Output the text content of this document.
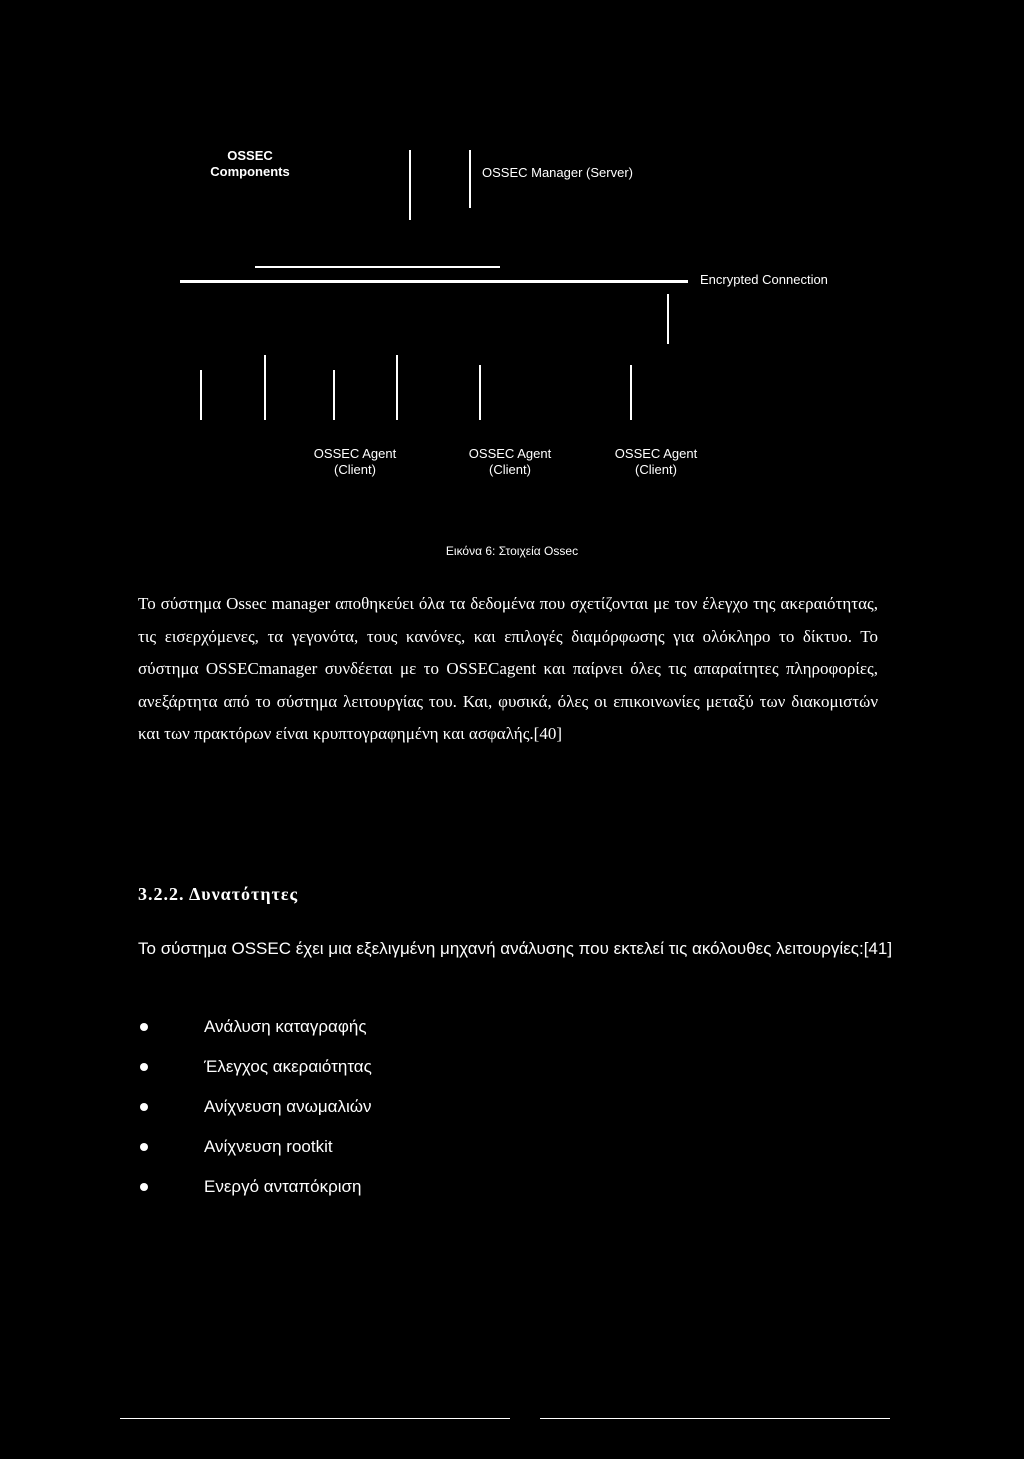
OSSEC
Components	OSSEC Manager (Server)
Encrypted Connection
OSSEC Agent
(Client)
OSSEC Agent
(Client)
OSSEC Agent
(Client)
Εικόνα 6: Στοιχεία Ossec
Το σύστημα Ossec manager αποθηκεύει όλα τα δεδομένα που σχετίζονται με τον έλεγχο της ακεραιότητας, τις εισερχόμενες, τα γεγονότα, τους κανόνες, και επιλογές διαμόρφωσης για ολόκληρο το δίκτυο. Το σύστημα OSSECmanager συνδέεται με το OSSECagent και παίρνει όλες τις απαραίτητες πληροφορίες, ανεξάρτητα από το σύστημα λειτουργίας του. Και, φυσικά, όλες οι επικοινωνίες μεταξύ των διακομιστών και των πρακτόρων είναι κρυπτογραφημένη και ασφαλής.[40]
3.2.2. Δυνατότητες
Το σύστημα OSSEC έχει μια εξελιγμένη μηχανή ανάλυσης που εκτελεί τις ακόλουθες λειτουργίες:[41]
Ανάλυση καταγραφής
Έλεγχος ακεραιότητας
Ανίχνευση ανωμαλιών
Ανίχνευση rootkit
Ενεργό ανταπόκριση
